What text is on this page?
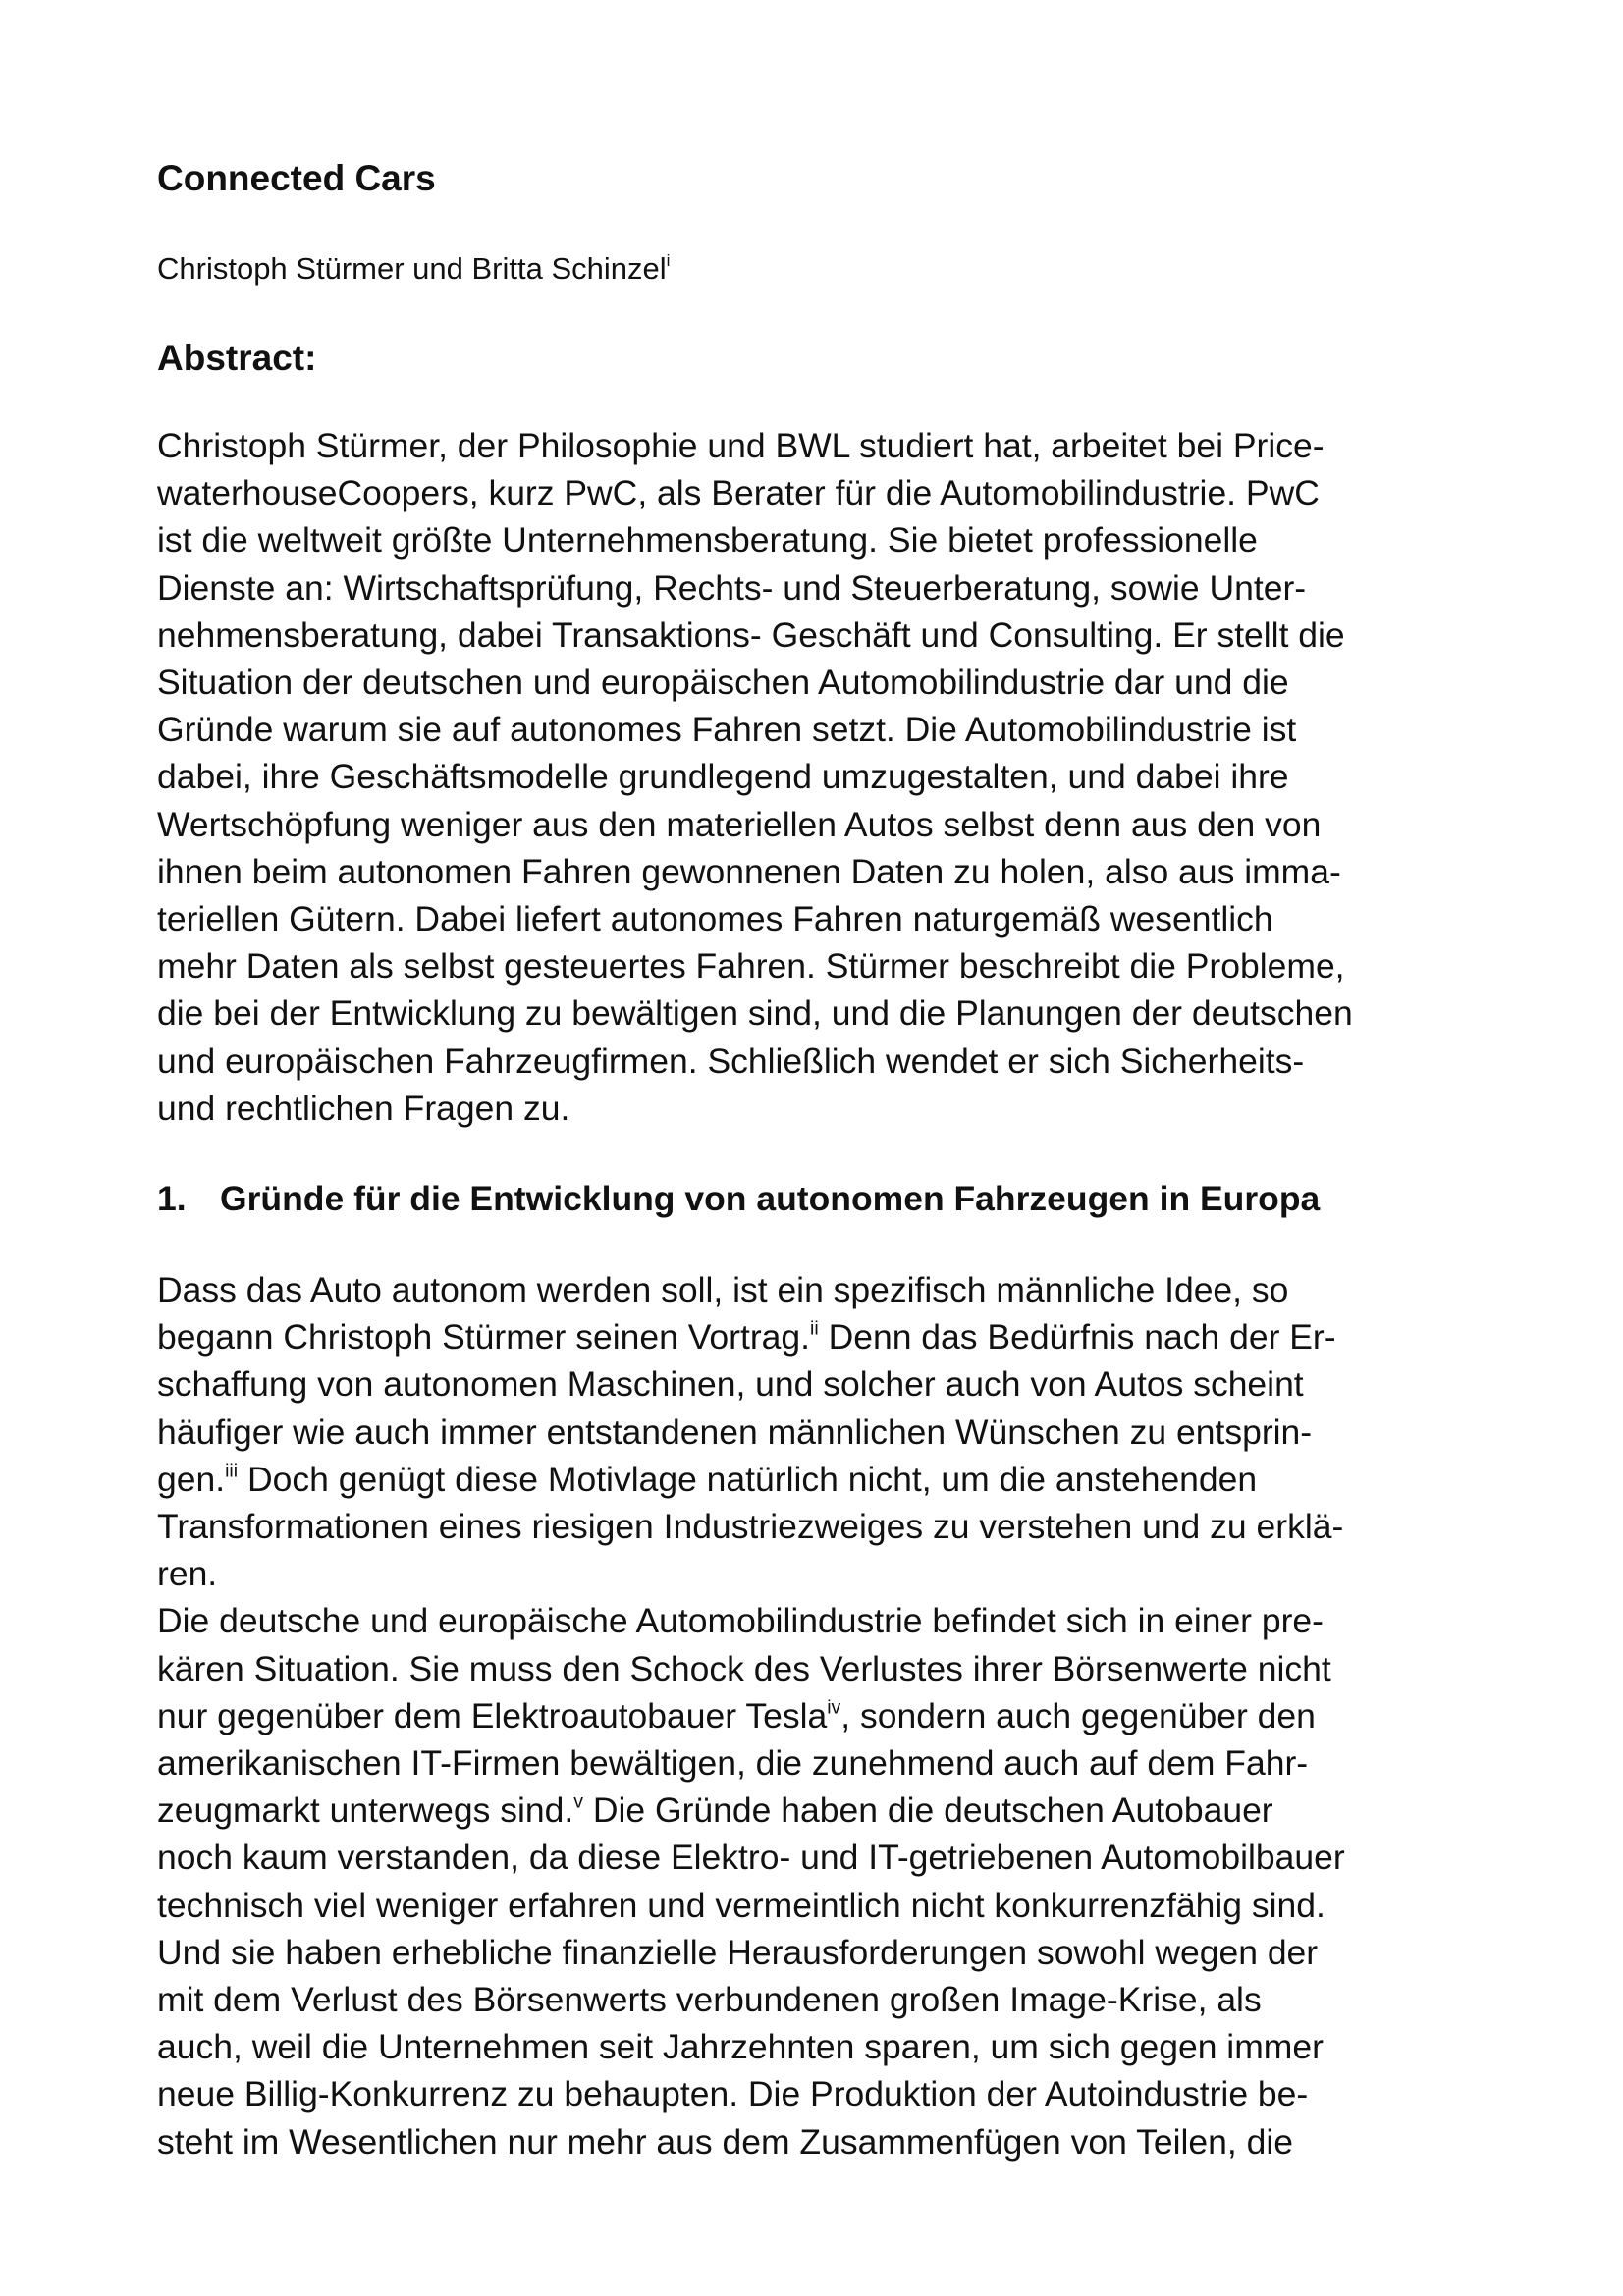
Connected Cars
Christoph Stürmer und Britta Schinzel$^i$
Abstract:
Christoph Stürmer, der Philosophie und BWL studiert hat, arbeitet bei Price-
waterhouseCoopers, kurz PwC, als Berater für die Automobilindustrie. PwC
ist die weltweit größte Unternehmensberatung. Sie bietet professionelle
Dienste an: Wirtschaftsprüfung, Rechts- und Steuerberatung, sowie Unter-
nehmensberatung, dabei Transaktions- Geschäft und Consulting. Er stellt die
Situation der deutschen und europäischen Automobilindustrie dar und die
Gründe warum sie auf autonomes Fahren setzt. Die Automobilindustrie ist
dabei, ihre Geschäftsmodelle grundlegend umzugestalten, und dabei ihre
Wertschöpfung weniger aus den materiellen Autos selbst denn aus den von
ihnen beim autonomen Fahren gewonnenen Daten zu holen, also aus imma-
teriellen Gütern. Dabei liefert autonomes Fahren naturgemäß wesentlich
mehr Daten als selbst gesteuertes Fahren. Stürmer beschreibt die Probleme,
die bei der Entwicklung zu bewältigen sind, und die Planungen der deutschen
und europäischen Fahrzeugfirmen. Schließlich wendet er sich Sicherheits-
und rechtlichen Fragen zu.
1. Gründe für die Entwicklung von autonomen Fahrzeugen in Europa
Dass das Auto autonom werden soll, ist ein spezifisch männliche Idee, so
begann Christoph Stürmer seinen Vortrag.$^{ii}$ Denn das Bedürfnis nach der Er-
schaffung von autonomen Maschinen, und solcher auch von Autos scheint
häufiger wie auch immer entstandenen männlichen Wünschen zu entsprin-
gen.$^{iii}$ Doch genügt diese Motivlage natürlich nicht, um die anstehenden
Transformationen eines riesigen Industriezweiges zu verstehen und zu erklä-
ren.
Die deutsche und europäische Automobilindustrie befindet sich in einer pre-
kären Situation. Sie muss den Schock des Verlustes ihrer Börsenwerte nicht
nur gegenüber dem Elektroautobauer Tesla$^{iv}$, sondern auch gegenüber den
amerikanischen IT-Firmen bewältigen, die zunehmend auch auf dem Fahr-
zeugmarkt unterwegs sind.$^v$ Die Gründe haben die deutschen Autobauer
noch kaum verstanden, da diese Elektro- und IT-getriebenen Automobilbauer
technisch viel weniger erfahren und vermeintlich nicht konkurrenzfähig sind.
Und sie haben erhebliche finanzielle Herausforderungen sowohl wegen der
mit dem Verlust des Börsenwerts verbundenen großen Image-Krise, als
auch, weil die Unternehmen seit Jahrzehnten sparen, um sich gegen immer
neue Billig-Konkurrenz zu behaupten. Die Produktion der Autoindustrie be-
steht im Wesentlichen nur mehr aus dem Zusammenfügen von Teilen, die
